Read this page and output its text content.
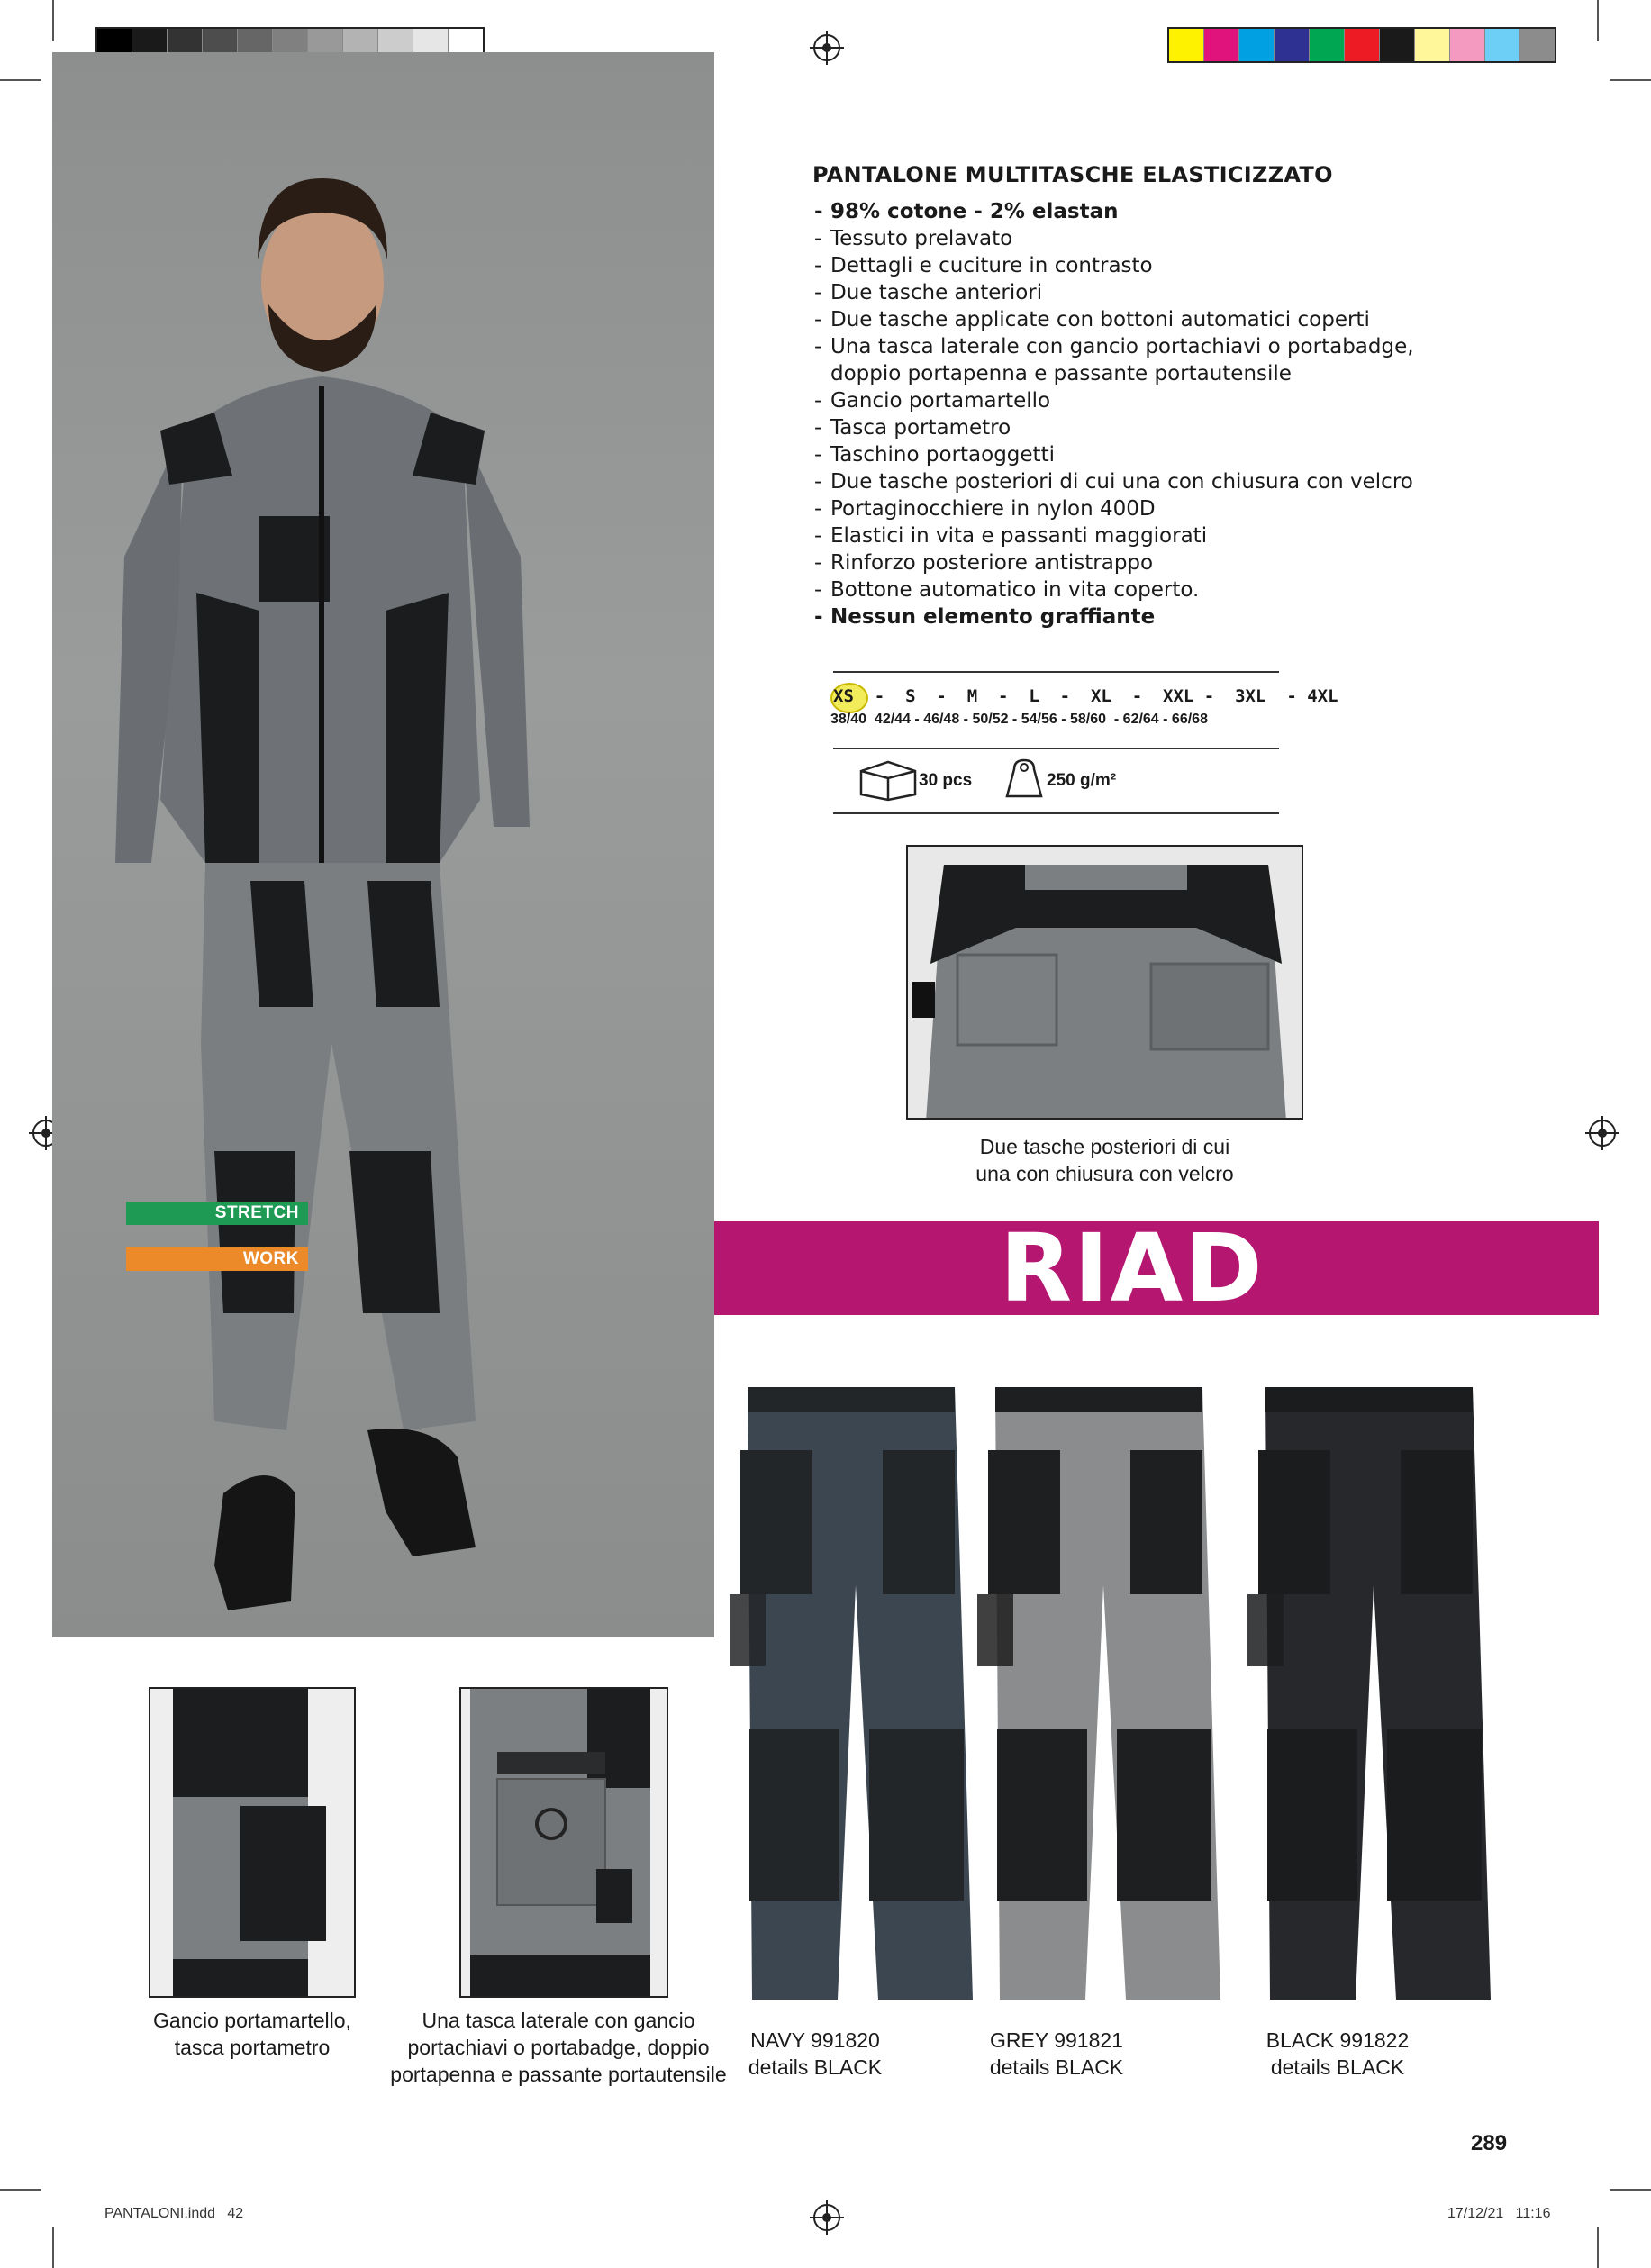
STRETCH
WORK
PANTALONE MULTITASCHE ELASTICIZZATO
- 98% cotone - 2% elastan
- Tessuto prelavato
- Dettagli e cuciture in contrasto
- Due tasche anteriori
- Due tasche applicate con bottoni automatici coperti
- Una tasca laterale con gancio portachiavi o portabadge,
doppio portapenna e passante portautensile
- Gancio portamartello
- Tasca portametro
- Taschino portaoggetti
- Due tasche posteriori di cui una con chiusura con velcro
- Portaginocchiere in nylon 400D
- Elastici in vita e passanti maggiorati
- Rinforzo posteriore antistrappo
- Bottone automatico in vita coperto.
- Nessun elemento graffiante
XS  -  S  -  M  -  L  -  XL  -  XXL -  3XL  - 4XL
38/40  42/44 - 46/48 - 50/52 - 54/56 - 58/60  - 62/64 - 66/68
30 pcs	250 g/m²
Due tasche posteriori di cui
una con chiusura con velcro
RIAD
NAVY 991820
details BLACK
GREY 991821
details BLACK
BLACK 991822
details BLACK
Gancio portamartello,
tasca portametro
Una tasca laterale con gancio
portachiavi o portabadge, doppio
portapenna e passante portautensile
289
PANTALONI.indd   42	17/12/21   11:16
